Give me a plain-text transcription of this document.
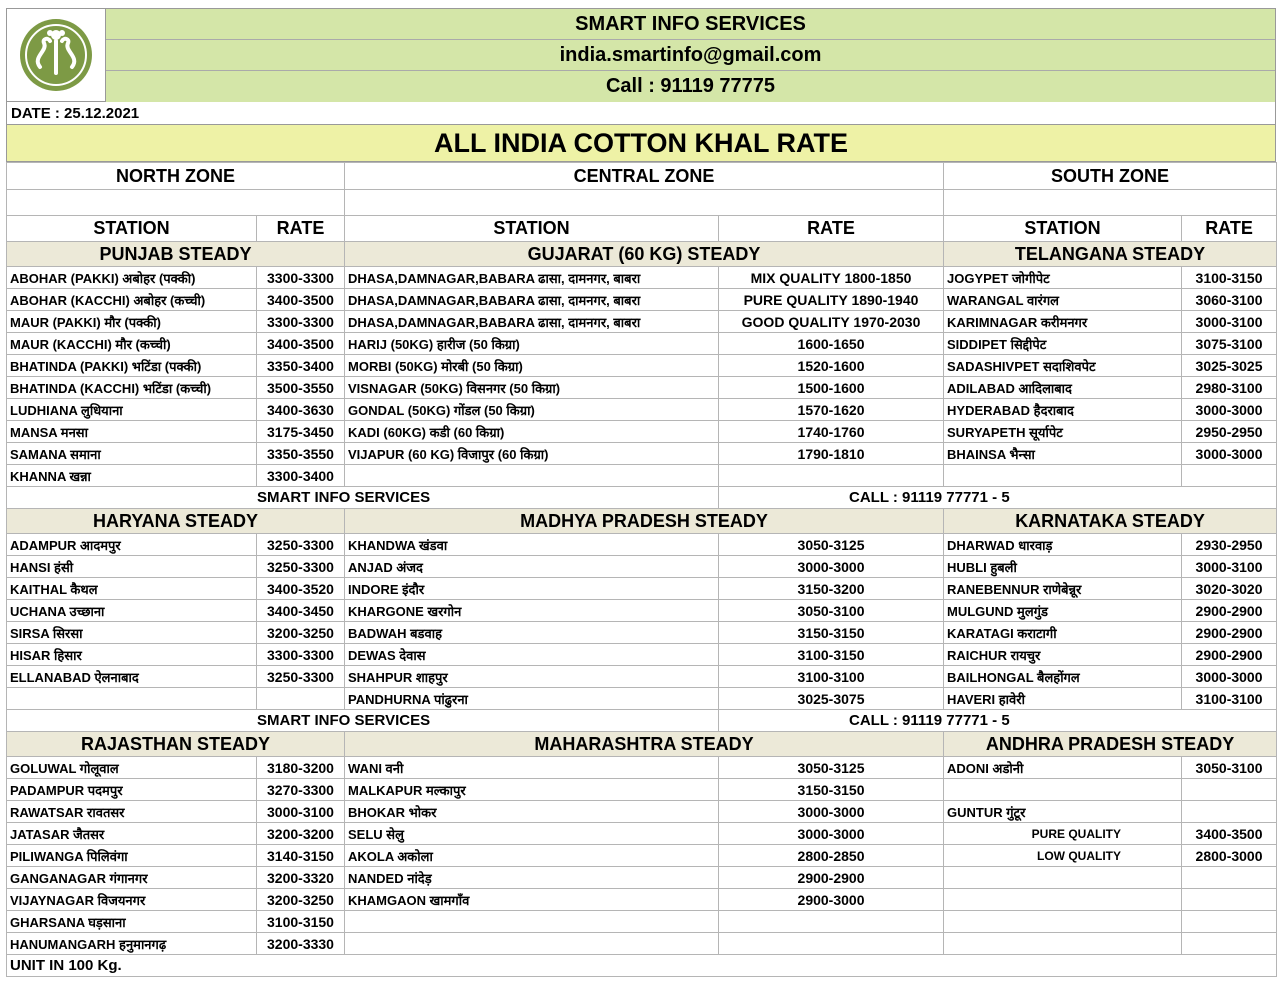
SMART INFO SERVICES
india.smartinfo@gmail.com
Call : 91119 77775
DATE : 25.12.2021
ALL INDIA COTTON KHAL RATE
NORTH ZONE		CENTRAL ZONE		SOUTH ZONE	

STATION	RATE	STATION	RATE	STATION	RATE
PUNJAB STEADY		GUJARAT (60 KG) STEADY		TELANGANA STEADY	
ABOHAR (PAKKI) अबोहर (पक्की)	3300-3300	DHASA,DAMNAGAR,BABARA ढासा, दामनगर, बाबरा	MIX QUALITY 1800-1850	JOGYPET जोगीपेट	3100-3150
ABOHAR (KACCHI) अबोहर (कच्ची)	3400-3500	DHASA,DAMNAGAR,BABARA ढासा, दामनगर, बाबरा	PURE QUALITY 1890-1940	WARANGAL वारंगल	3060-3100
MAUR (PAKKI) मौर (पक्की)	3300-3300	DHASA,DAMNAGAR,BABARA ढासा, दामनगर, बाबरा	GOOD QUALITY 1970-2030	KARIMNAGAR करीमनगर	3000-3100
MAUR (KACCHI) मौर (कच्ची)	3400-3500	HARIJ (50KG) हारीज (50 किग्रा)	1600-1650	SIDDIPET सिद्दीपेट	3075-3100
BHATINDA (PAKKI) भटिंडा (पक्की)	3350-3400	MORBI (50KG) मोरबी (50 किग्रा)	1520-1600	SADASHIVPET सदाशिवपेट	3025-3025
BHATINDA (KACCHI) भटिंडा (कच्ची)	3500-3550	VISNAGAR (50KG) विसनगर (50 किग्रा)	1500-1600	ADILABAD आदिलाबाद	2980-3100
LUDHIANA लुधियाना	3400-3630	GONDAL (50KG) गोंडल (50 किग्रा)	1570-1620	HYDERABAD हैदराबाद	3000-3000
MANSA मनसा	3175-3450	KADI (60KG) कडी (60 किग्रा)	1740-1760	SURYAPETH सूर्यापेट	2950-2950
SAMANA समाना	3350-3550	VIJAPUR (60 KG) विजापुर (60 किग्रा)	1790-1810	BHAINSA भैन्सा	3000-3000
KHANNA खन्ना	3300-3400				
SMART INFO SERVICES			CALL : 91119 77771 - 5		
HARYANA STEADY		MADHYA PRADESH STEADY		KARNATAKA STEADY	
ADAMPUR आदमपुर	3250-3300	KHANDWA खंडवा	3050-3125	DHARWAD धारवाड़	2930-2950
HANSI हंसी	3250-3300	ANJAD अंजद	3000-3000	HUBLI हुबली	3000-3100
KAITHAL कैथल	3400-3520	INDORE इंदौर	3150-3200	RANEBENNUR राणेबेन्नूर	3020-3020
UCHANA उच्छाना	3400-3450	KHARGONE खरगोन	3050-3100	MULGUND मुलगुंड	2900-2900
SIRSA सिरसा	3200-3250	BADWAH बडवाह	3150-3150	KARATAGI कराटागी	2900-2900
HISAR हिसार	3300-3300	DEWAS देवास	3100-3150	RAICHUR रायचुर	2900-2900
ELLANABAD ऐलनाबाद	3250-3300	SHAHPUR शाहपुर	3100-3100	BAILHONGAL बैलहोंगल	3000-3000
		PANDHURNA पांढुरना	3025-3075	HAVERI हावेरी	3100-3100
SMART INFO SERVICES			CALL : 91119 77771 - 5		
RAJASTHAN STEADY		MAHARASHTRA STEADY		ANDHRA PRADESH STEADY	
GOLUWAL गोलूवाल	3180-3200	WANI वनी	3050-3125	ADONI अडोनी	3050-3100
PADAMPUR पदमपुर	3270-3300	MALKAPUR मल्कापुर	3150-3150		
RAWATSAR रावतसर	3000-3100	BHOKAR भोकर	3000-3000	GUNTUR गुंटूर	
JATASAR जैतसर	3200-3200	SELU सेलु	3000-3000	PURE QUALITY	3400-3500
PILIWANGA पिलिवंगा	3140-3150	AKOLA अकोला	2800-2850	LOW QUALITY	2800-3000
GANGANAGAR गंगानगर	3200-3320	NANDED नांदेड़	2900-2900		
VIJAYNAGAR विजयनगर	3200-3250	KHAMGAON खामगाँव	2900-3000		
GHARSANA घड़साना	3100-3150				
HANUMANGARH हनुमानगढ़	3200-3330				
UNIT IN 100 Kg.					
